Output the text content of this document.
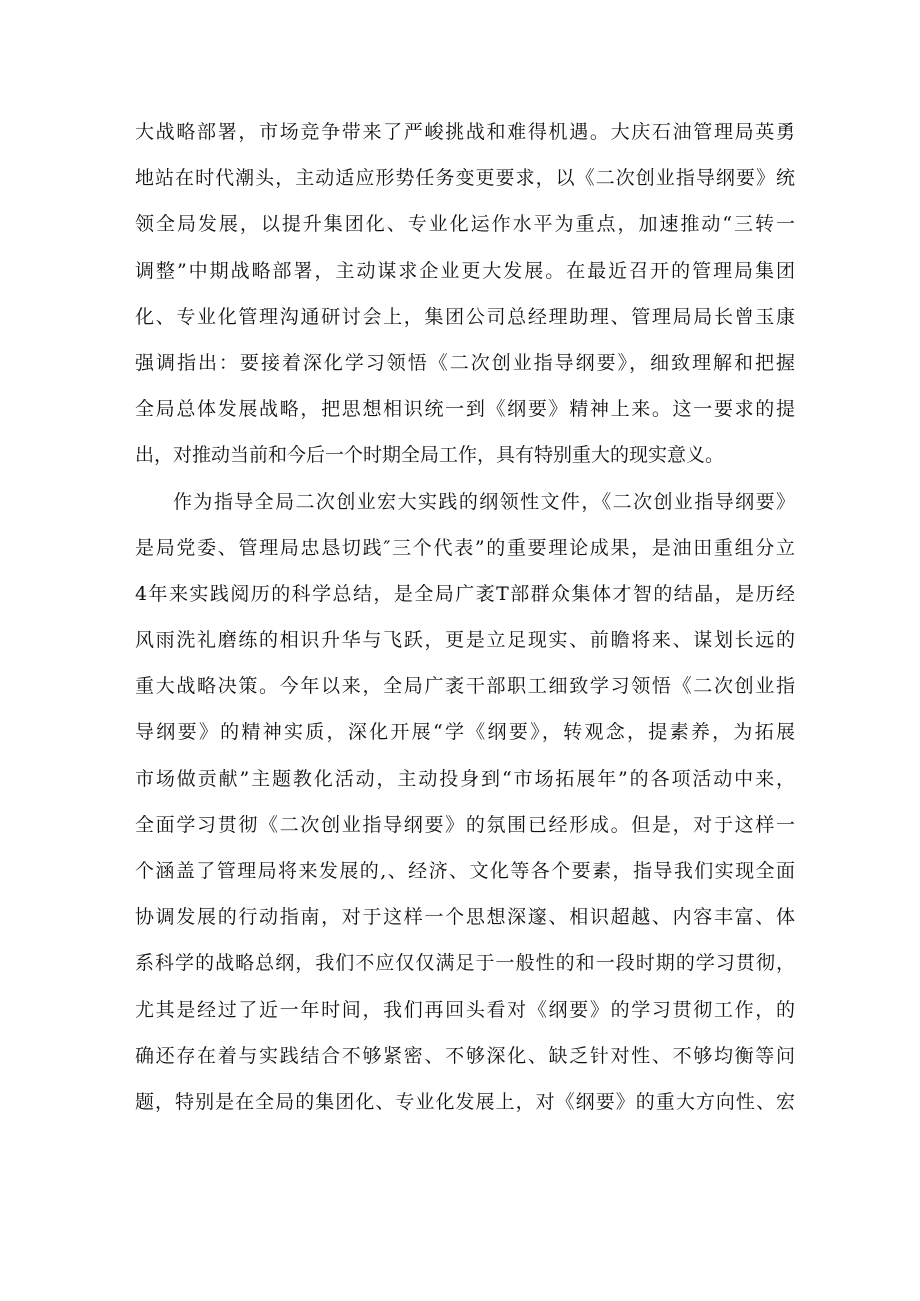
大战略部署，市场竞争带来了严峻挑战和难得机遇。大庆石油管理局英勇
地站在时代潮头，主动适应形势任务变更要求，以《二次创业指导纲要》统
领全局发展，以提升集团化、专业化运作水平为重点，加速推动“三转一
调整”中期战略部署，主动谋求企业更大发展。在最近召开的管理局集团
化、专业化管理沟通研讨会上，集团公司总经理助理、管理局局长曾玉康
强调指出：要接着深化学习领悟《二次创业指导纲要》，细致理解和把握
全局总体发展战略，把思想相识统一到《纲要》精神上来。这一要求的提
出，对推动当前和今后一个时期全局工作，具有特别重大的现实意义。
作为指导全局二次创业宏大实践的纲领性文件，《二次创业指导纲要》
是局党委、管理局忠恳切践″三个代表”的重要理论成果，是油田重组分立
4年来实践阅历的科学总结，是全局广袤T部群众集体才智的结晶，是历经
风雨洗礼磨练的相识升华与飞跃，更是立足现实、前瞻将来、谋划长远的
重大战略决策。今年以来，全局广袤干部职工细致学习领悟《二次创业指
导纲要》的精神实质，深化开展“学《纲要》，转观念，提素养，为拓展
市场做贡献”主题教化活动，主动投身到“市场拓展年”的各项活动中来，
全面学习贯彻《二次创业指导纲要》的氛围已经形成。但是，对于这样一
个涵盖了管理局将来发展的,、经济、文化等各个要素，指导我们实现全面
协调发展的行动指南，对于这样一个思想深邃、相识超越、内容丰富、体
系科学的战略总纲，我们不应仅仅满足于一般性的和一段时期的学习贯彻，
尤其是经过了近一年时间，我们再回头看对《纲要》的学习贯彻工作，的
确还存在着与实践结合不够紧密、不够深化、缺乏针对性、不够均衡等问
题，特别是在全局的集团化、专业化发展上，对《纲要》的重大方向性、宏
